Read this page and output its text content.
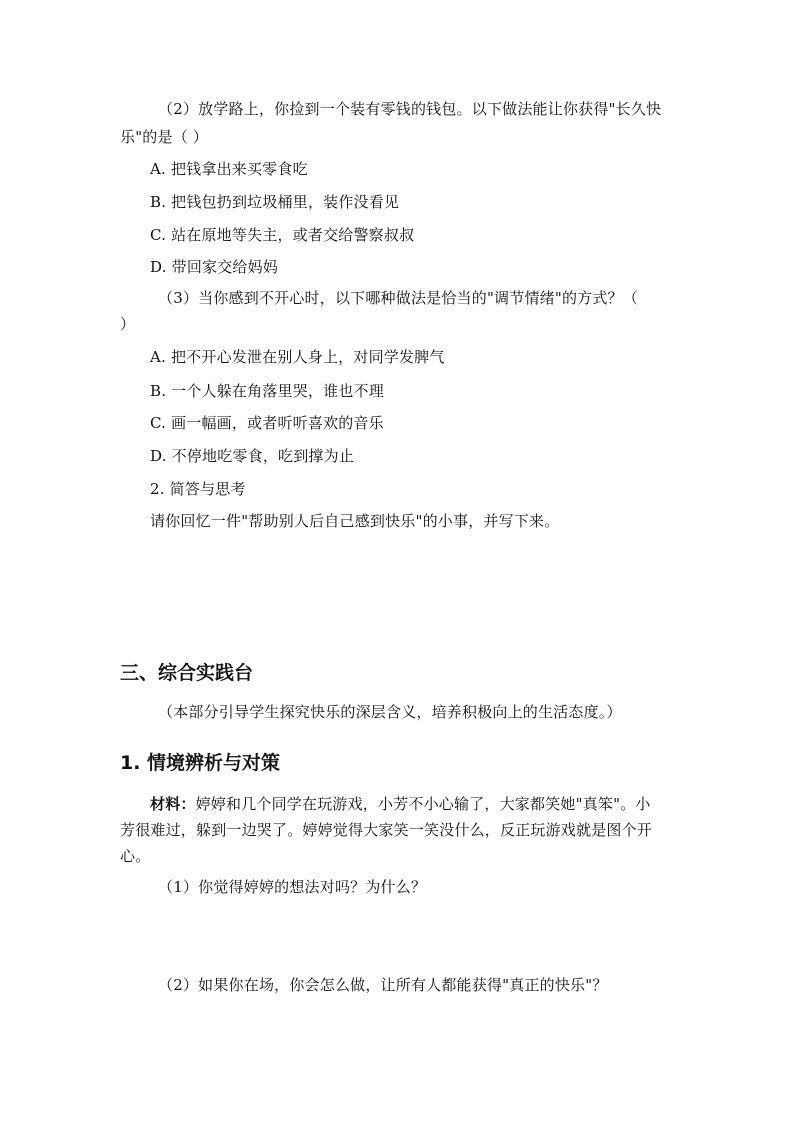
（2）放学路上，你捡到一个装有零钱的钱包。以下做法能让你获得"长久快
乐"的是（ ）
A. 把钱拿出来买零食吃
B. 把钱包扔到垃圾桶里，装作没看见
C. 站在原地等失主，或者交给警察叔叔
D. 带回家交给妈妈
（3）当你感到不开心时，以下哪种做法是恰当的"调节情绪"的方式？（
）
A. 把不开心发泄在别人身上，对同学发脾气
B. 一个人躲在角落里哭，谁也不理
C. 画一幅画，或者听听喜欢的音乐
D. 不停地吃零食，吃到撑为止
2. 简答与思考
请你回忆一件"帮助别人后自己感到快乐"的小事，并写下来。
三、综合实践台
（本部分引导学生探究快乐的深层含义，培养积极向上的生活态度。）
1. 情境辨析与对策
材料：婷婷和几个同学在玩游戏，小芳不小心输了，大家都笑她"真笨"。小
芳很难过，躲到一边哭了。婷婷觉得大家笑一笑没什么，反正玩游戏就是图个开
心。
（1）你觉得婷婷的想法对吗？为什么？
（2）如果你在场，你会怎么做，让所有人都能获得"真正的快乐"？
